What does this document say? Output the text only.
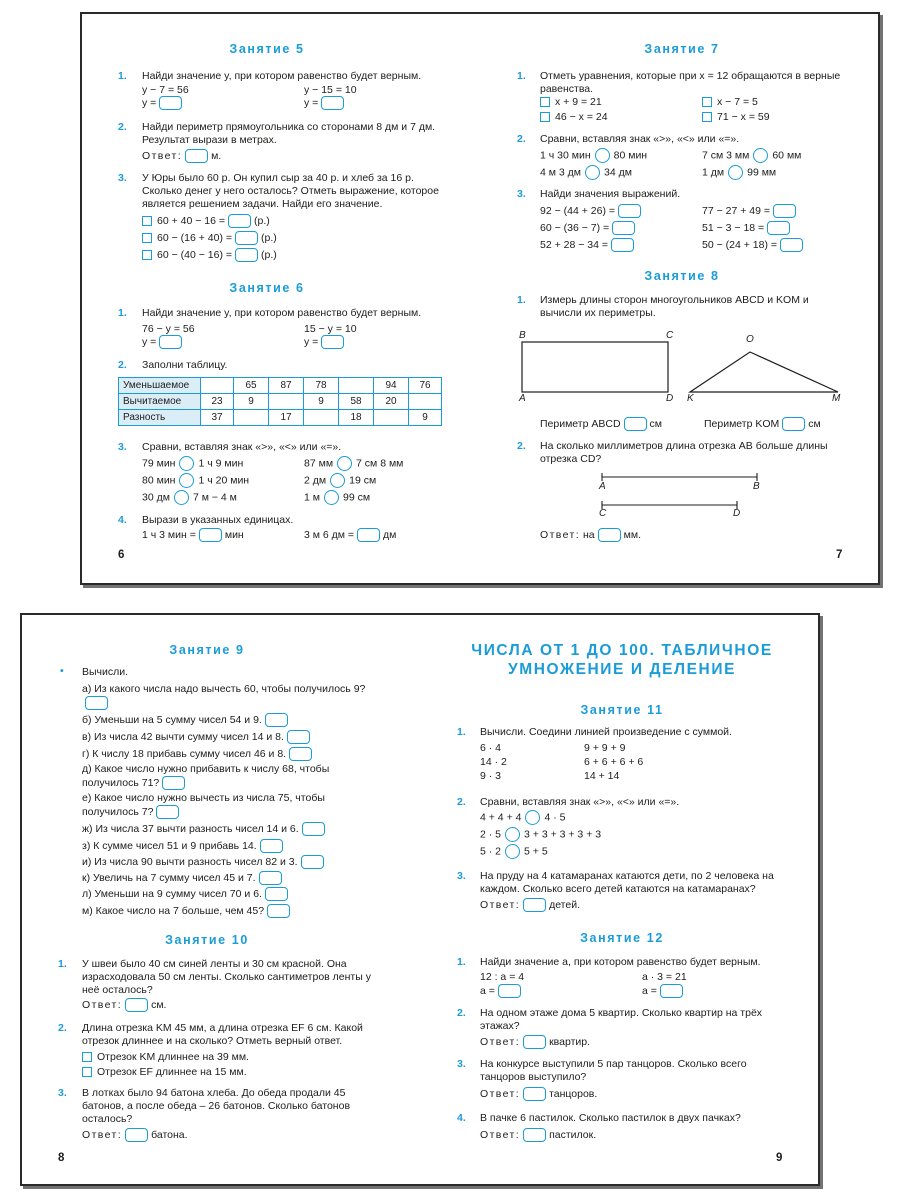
Занятие 5
1. Найди значение y, при котором равенство будет верным.
y − 7 = 56	y − 15 = 10
y =	y =
2. Найди периметр прямоугольника со сторонами 8 дм и 7 дм. Результат вырази в метрах.
Ответ:	м.
3. У Юры было 60 р. Он купил сыр за 40 р. и хлеб за 16 р. Сколько денег у него осталось? Отметь выражение, которое является решением задачи. Найди его значение.
60 + 40 − 16 =	(р.)
60 − (16 + 40) =	(р.)
60 − (40 − 16) =	(р.)
Занятие 6
1. Найди значение y, при котором равенство будет верным.
76 − y = 56	15 − y = 10
y =	y =
2. Заполни таблицу.
Уменьшаемое		65	87	78		94	76
Вычитаемое	23	9		9	58	20	
Разность	37		17		18		9
3. Сравни, вставляя знак «>», «<» или «=».
79 мин 1 ч 9 мин
80 мин 1 ч 20 мин
30 дм 7 м − 4 м
87 мм 7 см 8 мм
2 дм 19 см
1 м 99 см
4. Вырази в указанных единицах.
1 ч 3 мин =	мин	3 м 6 дм =	дм
6
Занятие 7
1. Отметь уравнения, которые при x = 12 обращаются в верные равенства.
x + 9 = 21
46 − x = 24
x − 7 = 5
71 − x = 59
2. Сравни, вставляя знак «>», «<» или «=».
1 ч 30 мин 80 мин
4 м 3 дм 34 дм
7 см 3 мм 60 мм
1 дм 99 мм
3. Найди значения выражений.
92 − (44 + 26) =
60 − (36 − 7) =
52 + 28 − 34 =
77 − 27 + 49 =
51 − 3 − 18 =
50 − (24 + 18) =
Занятие 8
1. Измерь длины сторон многоугольников ABCD и KOM и вычисли их периметры.
B	C
A	D
O
K	M
Периметр ABCD	см	Периметр KOM	см
2. На сколько миллиметров длина отрезка AB больше длины отрезка CD?
A	B
C	D
Ответ: на	мм.
7
Занятие 9
• Вычисли.
а) Из какого числа надо вычесть 60, чтобы получилось 9?
б) Уменьши на 5 сумму чисел 54 и 9.
в) Из числа 42 вычти сумму чисел 14 и 8.
г) К числу 18 прибавь сумму чисел 46 и 8.
д) Какое число нужно прибавить к числу 68, чтобы получилось 71?
е) Какое число нужно вычесть из числа 75, чтобы получилось 7?
ж) Из числа 37 вычти разность чисел 14 и 6.
з) К сумме чисел 51 и 9 прибавь 14.
и) Из числа 90 вычти разность чисел 82 и 3.
к) Увеличь на 7 сумму чисел 45 и 7.
л) Уменьши на 9 сумму чисел 70 и 6.
м) Какое число на 7 больше, чем 45?
Занятие 10
1. У швеи было 40 см синей ленты и 30 см красной. Она израсходовала 50 см ленты. Сколько сантиметров ленты у неё осталось?
Ответ:	см.
2. Длина отрезка KM 45 мм, а длина отрезка EF 6 см. Какой отрезок длиннее и на сколько? Отметь верный ответ.
Отрезок KM длиннее на 39 мм.
Отрезок EF длиннее на 15 мм.
3. В лотках было 94 батона хлеба. До обеда продали 45 батонов, а после обеда – 26 батонов. Сколько батонов осталось?
Ответ:	батона.
8
ЧИСЛА ОТ 1 ДО 100. ТАБЛИЧНОЕ
УМНОЖЕНИЕ И ДЕЛЕНИЕ
Занятие 11
1. Вычисли. Соедини линией произведение с суммой.
6 · 4
14 · 2
9 · 3
9 + 9 + 9
6 + 6 + 6 + 6
14 + 14
2. Сравни, вставляя знак «>», «<» или «=».
4 + 4 + 4 4 · 5
2 · 5 3 + 3 + 3 + 3 + 3
5 · 2 5 + 5
3. На пруду на 4 катамаранах катаются дети, по 2 человека на каждом. Сколько всего детей катаются на катамаранах?
Ответ:	детей.
Занятие 12
1. Найди значение a, при котором равенство будет верным.
12 : a = 4	a · 3 = 21
a =	a =
2. На одном этаже дома 5 квартир. Сколько квартир на трёх этажах?
Ответ:	квартир.
3. На конкурсе выступили 5 пар танцоров. Сколько всего танцоров выступило?
Ответ:	танцоров.
4. В пачке 6 пастилок. Сколько пастилок в двух пачках?
Ответ:	пастилок.
9
